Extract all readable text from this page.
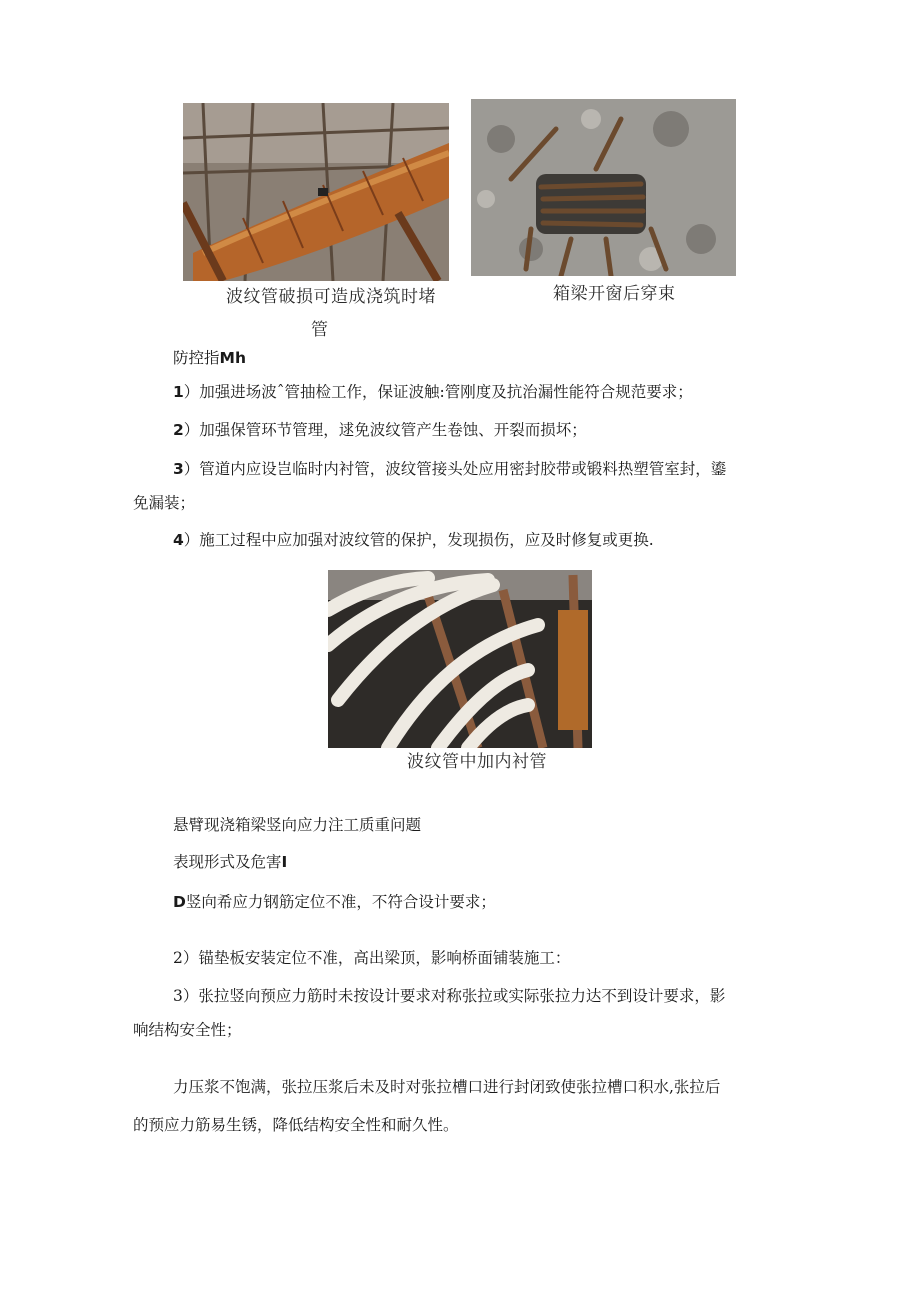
波纹管破损可造成浇筑时堵
管
箱梁开窗后穿束
防控指Mh
1）加强进场波ˆ管抽检工作，保证波触:管刚度及抗治漏性能符合规范要求；
2）加强保管环节管理，逑免波纹管产生卷蚀、开裂而损坏；
3）管道内应设岂临时内衬管，波纹管接头处应用密封胶带或锻料热塑管室封，鎏
免漏装；
4）施工过程中应加强对波纹管的保护，发现损伤，应及时修复或更换.
波纹管中加内衬管
悬臂现浇箱梁竖向应力注工质重问题
表现形式及危害I
D竖向希应力钢筋定位不准，不符合设计要求；
2）锚垫板安装定位不准，高出梁顶，影响桥面铺装施工：
3）张拉竖向预应力筋时未按设计要求对称张拉或实际张拉力达不到设计要求，影
响结构安全性；
力压浆不饱满，张拉压浆后未及时对张拉槽口进行封闭致使张拉槽口积水,张拉后
的预应力筋易生锈，降低结构安全性和耐久性。
